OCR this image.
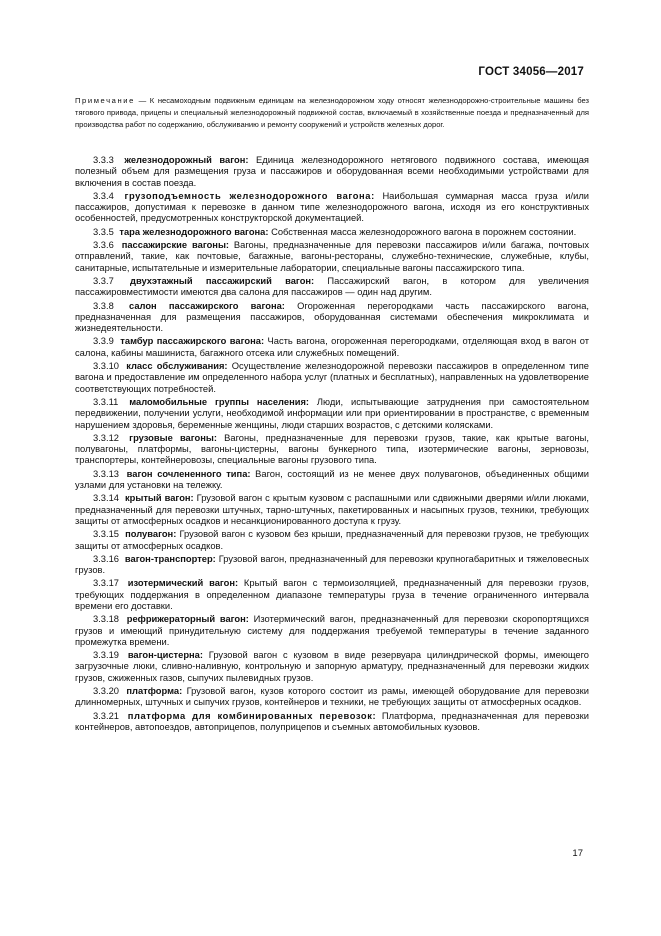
ГОСТ 34056—2017
Примечание — К несамоходным подвижным единицам на железнодорожном ходу относят железнодорожно-строительные машины без тягового привода, прицепы и специальный железнодорожный подвижной состав, включаемый в хозяйственные поезда и предназначенный для производства работ по содержанию, обслуживанию и ремонту сооружений и устройств железных дорог.

3.3.3 железнодорожный вагон: Единица железнодорожного нетягового подвижного состава, имеющая полезный объем для размещения груза и пассажиров и оборудованная всеми необходимыми устройствами для включения в состав поезда.

3.3.4 грузоподъемность железнодорожного вагона: Наибольшая суммарная масса груза и/или пассажиров, допустимая к перевозке в данном типе железнодорожного вагона, исходя из его конструктивных особенностей, предусмотренных конструкторской документацией.

3.3.5 тара железнодорожного вагона: Собственная масса железнодорожного вагона в порожнем состоянии.

3.3.6 пассажирские вагоны: Вагоны, предназначенные для перевозки пассажиров и/или багажа, почтовых отправлений, такие, как почтовые, багажные, вагоны-рестораны, служебно-технические, служебные, клубы, санитарные, испытательные и измерительные лаборатории, специальные вагоны пассажирского типа.

3.3.7 двухэтажный пассажирский вагон: Пассажирский вагон, в котором для увеличения пассажировместимости имеются два салона для пассажиров — один над другим.

3.3.8 салон пассажирского вагона: Огороженная перегородками часть пассажирского вагона, предназначенная для размещения пассажиров, оборудованная системами обеспечения микроклимата и жизнедеятельности.

3.3.9 тамбур пассажирского вагона: Часть вагона, огороженная перегородками, отделяющая вход в вагон от салона, кабины машиниста, багажного отсека или служебных помещений.

3.3.10 класс обслуживания: Осуществление железнодорожной перевозки пассажиров в определенном типе вагона и предоставление им определенного набора услуг (платных и бесплатных), направленных на удовлетворение соответствующих потребностей.

3.3.11 маломобильные группы населения: Люди, испытывающие затруднения при самостоятельном передвижении, получении услуги, необходимой информации или при ориентировании в пространстве, с временным нарушением здоровья, беременные женщины, люди старших возрастов, с детскими колясками.

3.3.12 грузовые вагоны: Вагоны, предназначенные для перевозки грузов, такие, как крытые вагоны, полувагоны, платформы, вагоны-цистерны, вагоны бункерного типа, изотермические вагоны, зерновозы, транспортеры, контейнеровозы, специальные вагоны грузового типа.

3.3.13 вагон сочлененного типа: Вагон, состоящий из не менее двух полувагонов, объединенных общими узлами для установки на тележку.

3.3.14 крытый вагон: Грузовой вагон с крытым кузовом с распашными или сдвижными дверями и/или люками, предназначенный для перевозки штучных, тарно-штучных, пакетированных и насыпных грузов, техники, требующих защиты от атмосферных осадков и несанкционированного доступа к грузу.

3.3.15 полувагон: Грузовой вагон с кузовом без крыши, предназначенный для перевозки грузов, не требующих защиты от атмосферных осадков.

3.3.16 вагон-транспортер: Грузовой вагон, предназначенный для перевозки крупногабаритных и тяжеловесных грузов.

3.3.17 изотермический вагон: Крытый вагон с термоизоляцией, предназначенный для перевозки грузов, требующих поддержания в определенном диапазоне температуры груза в течение ограниченного интервала времени его доставки.

3.3.18 рефрижераторный вагон: Изотермический вагон, предназначенный для перевозки скоропортящихся грузов и имеющий принудительную систему для поддержания требуемой температуры в течение заданного промежутка времени.

3.3.19 вагон-цистерна: Грузовой вагон с кузовом в виде резервуара цилиндрической формы, имеющего загрузочные люки, сливно-наливную, контрольную и запорную арматуру, предназначенный для перевозки жидких грузов, сжиженных газов, сыпучих пылевидных грузов.

3.3.20 платформа: Грузовой вагон, кузов которого состоит из рамы, имеющей оборудование для перевозки длинномерных, штучных и сыпучих грузов, контейнеров и техники, не требующих защиты от атмосферных осадков.

3.3.21 платформа для комбинированных перевозок: Платформа, предназначенная для перевозки контейнеров, автопоездов, автоприцепов, полуприцепов и съемных автомобильных кузовов.

17
